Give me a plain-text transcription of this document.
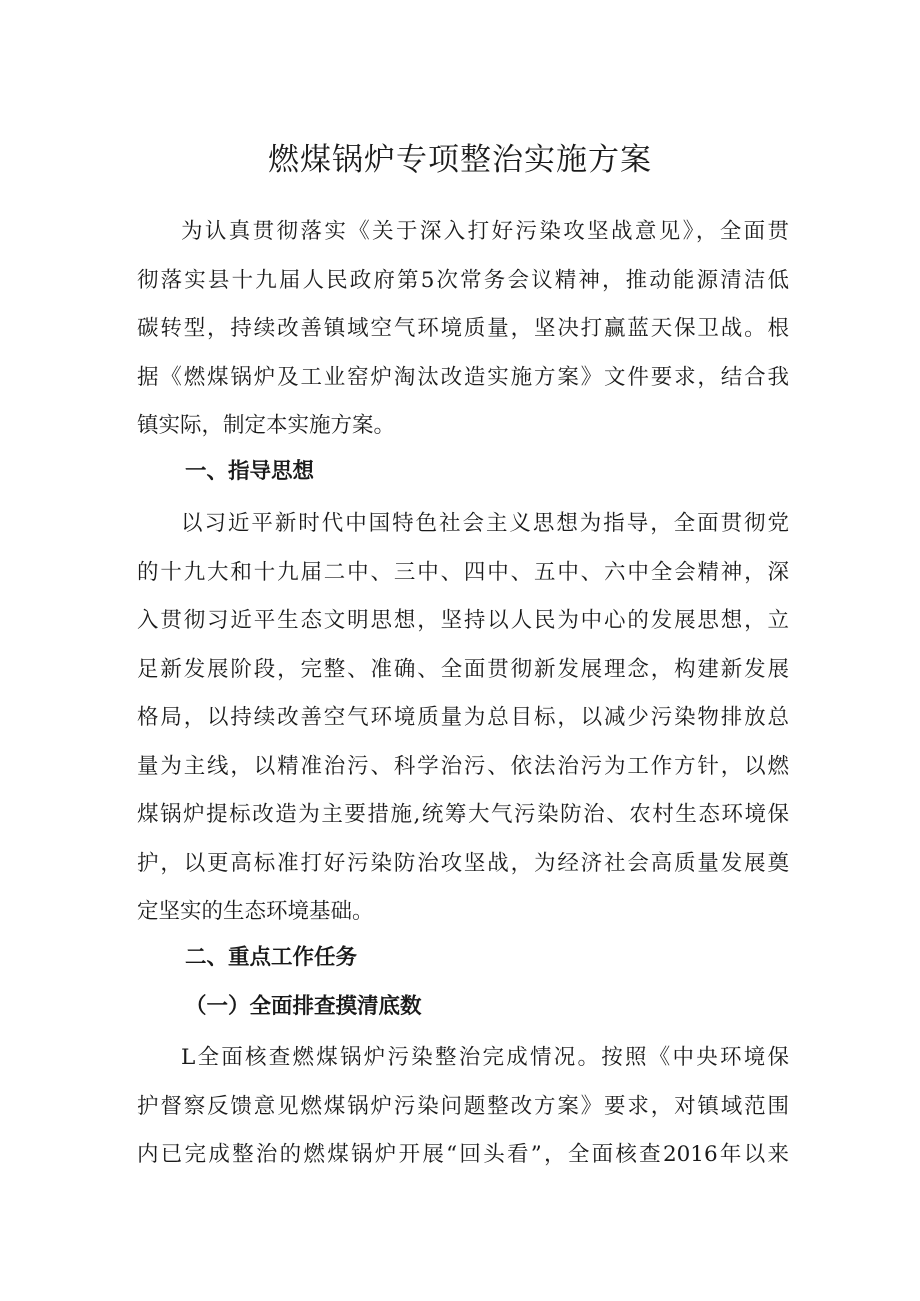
燃煤锅炉专项整治实施方案
为认真贯彻落实《关于深入打好污染攻坚战意见》，全面贯
彻落实县十九届人民政府第5次常务会议精神，推动能源清洁低
碳转型，持续改善镇域空气环境质量，坚决打赢蓝天保卫战。根
据《燃煤锅炉及工业窑炉淘汰改造实施方案》文件要求，结合我
镇实际，制定本实施方案。
一、指导思想
以习近平新时代中国特色社会主义思想为指导，全面贯彻党
的十九大和十九届二中、三中、四中、五中、六中全会精神，深
入贯彻习近平生态文明思想，坚持以人民为中心的发展思想，立
足新发展阶段，完整、准确、全面贯彻新发展理念，构建新发展
格局，以持续改善空气环境质量为总目标，以减少污染物排放总
量为主线，以精准治污、科学治污、依法治污为工作方针，以燃
煤锅炉提标改造为主要措施,统筹大气污染防治、农村生态环境保
护，以更高标准打好污染防治攻坚战，为经济社会高质量发展奠
定坚实的生态环境基础。
二、重点工作任务
（一）全面排查摸清底数
L全面核查燃煤锅炉污染整治完成情况。按照《中央环境保
护督察反馈意见燃煤锅炉污染问题整改方案》要求，对镇域范围
内已完成整治的燃煤锅炉开展“回头看”，全面核查2016年以来
